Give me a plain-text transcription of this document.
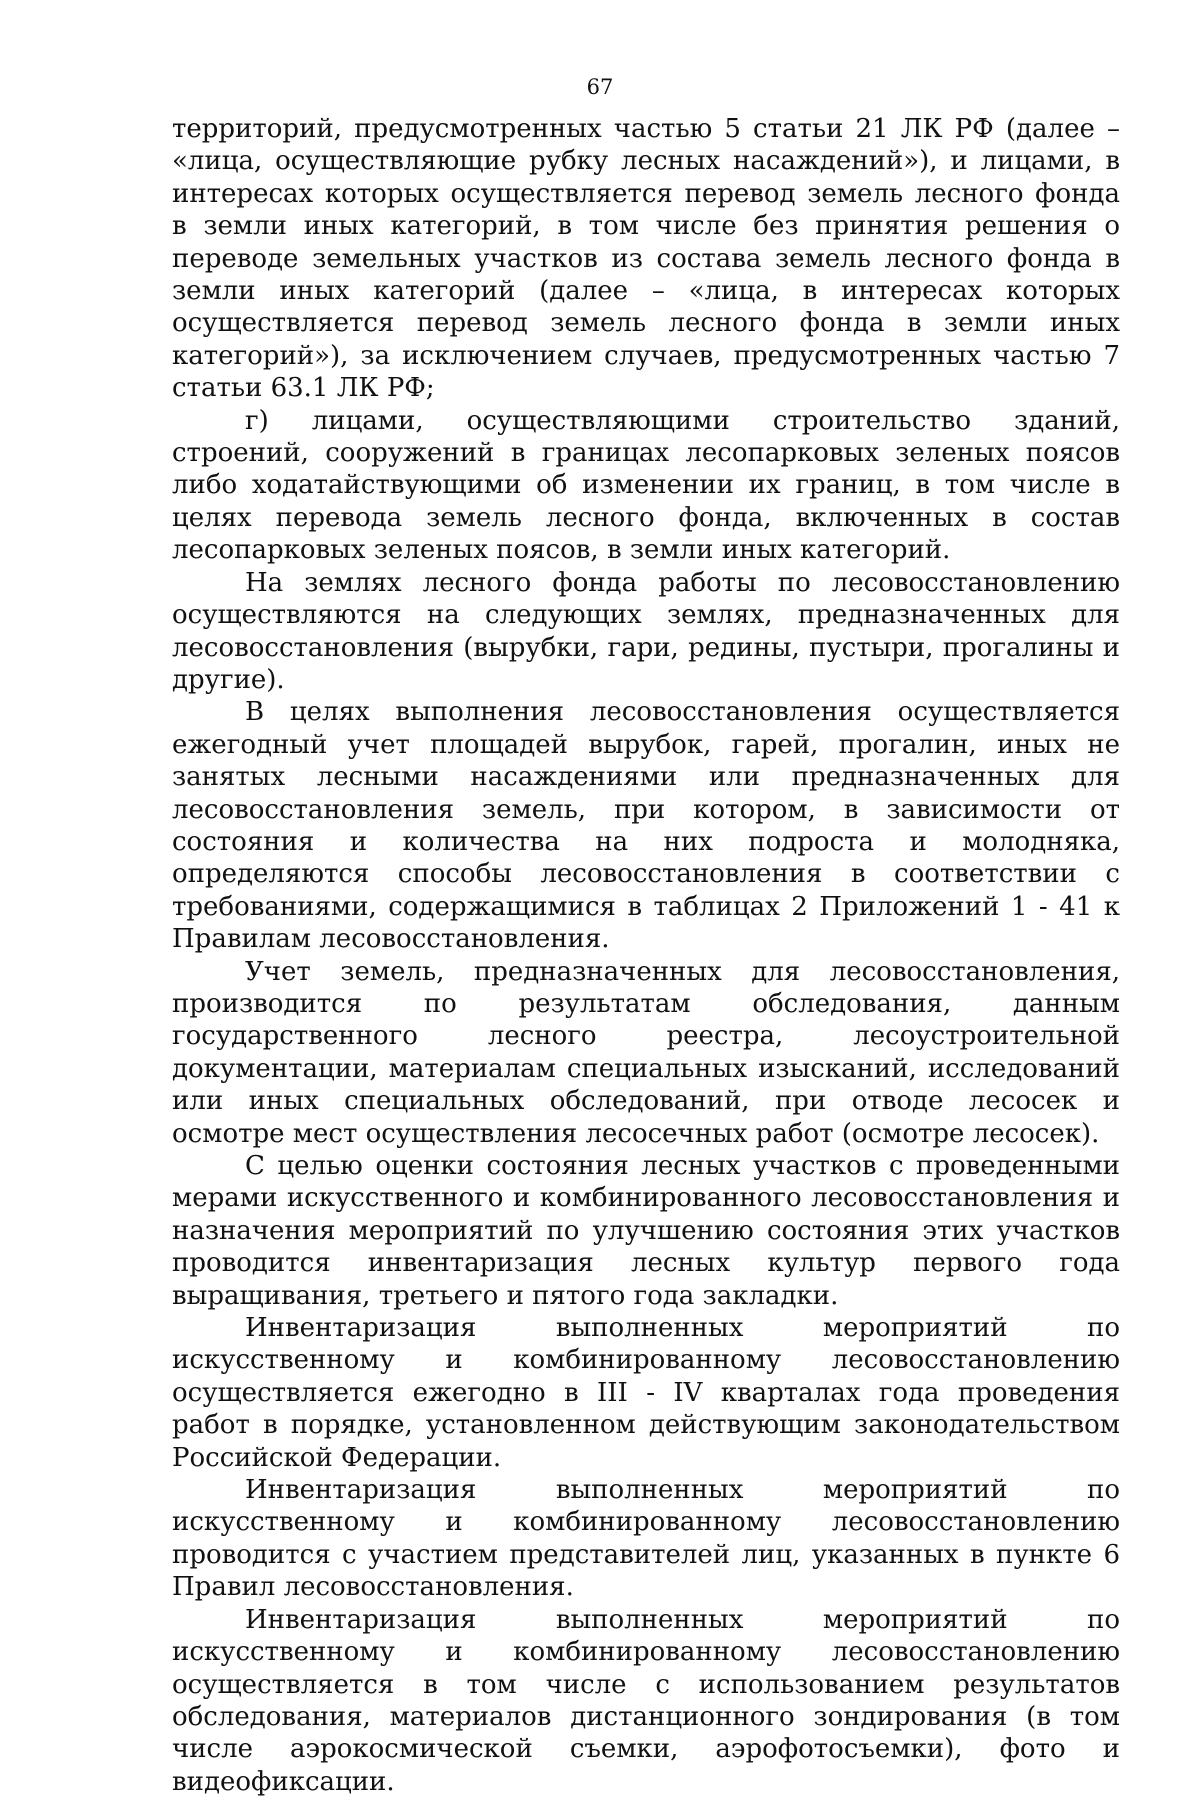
67

территорий, предусмотренных частью 5 статьи 21 ЛК РФ (далее – «лица, осуществляющие рубку лесных насаждений»), и лицами, в интересах которых осуществляется перевод земель лесного фонда в земли иных категорий, в том числе без принятия решения о переводе земельных участков из состава земель лесного фонда в земли иных категорий (далее – «лица, в интересах которых осуществляется перевод земель лесного фонда в земли иных категорий»), за исключением случаев, предусмотренных частью 7 статьи 63.1 ЛК РФ;

г) лицами, осуществляющими строительство зданий, строений, сооружений в границах лесопарковых зеленых поясов либо ходатайствующими об изменении их границ, в том числе в целях перевода земель лесного фонда, включенных в состав лесопарковых зеленых поясов, в земли иных категорий.

На землях лесного фонда работы по лесовосстановлению осуществляются на следующих землях, предназначенных для лесовосстановления (вырубки, гари, редины, пустыри, прогалины и другие).

В целях выполнения лесовосстановления осуществляется ежегодный учет площадей вырубок, гарей, прогалин, иных не занятых лесными насаждениями или предназначенных для лесовосстановления земель, при котором, в зависимости от состояния и количества на них подроста и молодняка, определяются способы лесовосстановления в соответствии с требованиями, содержащимися в таблицах 2 Приложений 1 - 41 к Правилам лесовосстановления.

Учет земель, предназначенных для лесовосстановления, производится по результатам обследования, данным государственного лесного реестра, лесоустроительной документации, материалам специальных изысканий, исследований или иных специальных обследований, при отводе лесосек и осмотре мест осуществления лесосечных работ (осмотре лесосек).

С целью оценки состояния лесных участков с проведенными мерами искусственного и комбинированного лесовосстановления и назначения мероприятий по улучшению состояния этих участков проводится инвентаризация лесных культур первого года выращивания, третьего и пятого года закладки.

Инвентаризация выполненных мероприятий по искусственному и комбинированному лесовосстановлению осуществляется ежегодно в III - IV кварталах года проведения работ в порядке, установленном действующим законодательством Российской Федерации.

Инвентаризация выполненных мероприятий по искусственному и комбинированному лесовосстановлению проводится с участием представителей лиц, указанных в пункте 6 Правил лесовосстановления.

Инвентаризация выполненных мероприятий по искусственному и комбинированному лесовосстановлению осуществляется в том числе с использованием результатов обследования, материалов дистанционного зондирования (в том числе аэрокосмической съемки, аэрофотосъемки), фото и видеофиксации.
